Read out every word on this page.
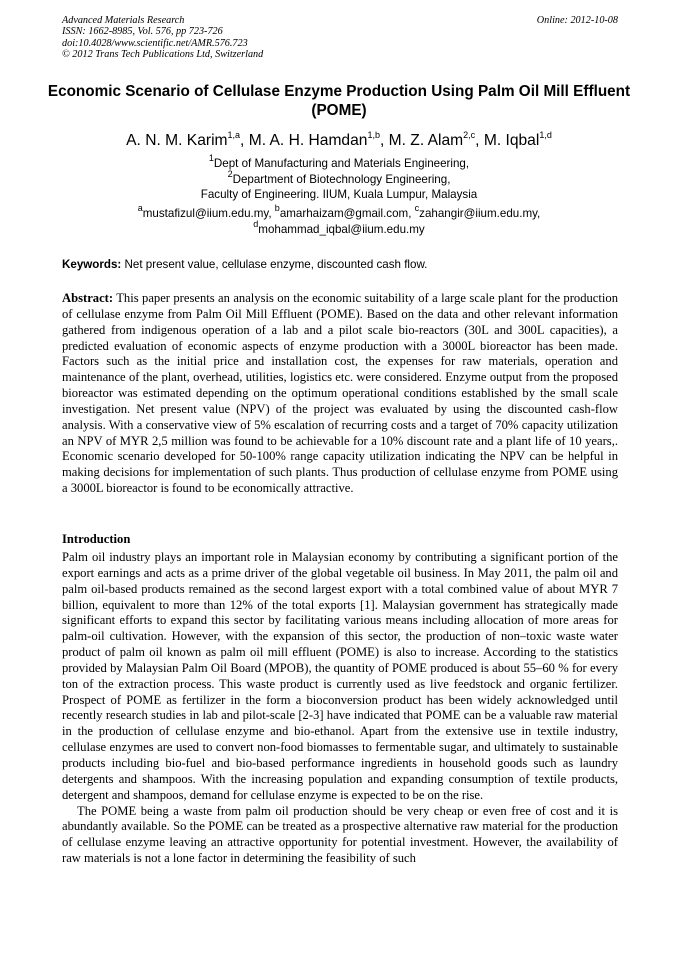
Advanced Materials Research
ISSN: 1662-8985, Vol. 576, pp 723-726
doi:10.4028/www.scientific.net/AMR.576.723
© 2012 Trans Tech Publications Ltd, Switzerland
Online: 2012-10-08
Economic Scenario of Cellulase Enzyme Production Using Palm Oil Mill Effluent (POME)
A. N. M. Karim$^{1,a}$, M. A. H. Hamdan$^{1,b}$, M. Z. Alam$^{2,c}$, M. Iqbal$^{1,d}$
$^1$Dept of Manufacturing and Materials Engineering,
$^2$Department of Biotechnology Engineering,
Faculty of Engineering. IIUM, Kuala Lumpur, Malaysia
$^a$mustafizul@iium.edu.my, $^b$amarhaizam@gmail.com, $^c$zahangir@iium.edu.my,
$^d$mohammad_iqbal@iium.edu.my
Keywords: Net present value, cellulase enzyme, discounted cash flow.
Abstract: This paper presents an analysis on the economic suitability of a large scale plant for the production of cellulase enzyme from Palm Oil Mill Effluent (POME). Based on the data and other relevant information gathered from indigenous operation of a lab and a pilot scale bio-reactors (30L and 300L capacities), a predicted evaluation of economic aspects of enzyme production with a 3000L bioreactor has been made. Factors such as the initial price and installation cost, the expenses for raw materials, operation and maintenance of the plant, overhead, utilities, logistics etc. were considered. Enzyme output from the proposed bioreactor was estimated depending on the optimum operational conditions established by the small scale investigation. Net present value (NPV) of the project was evaluated by using the discounted cash-flow analysis. With a conservative view of 5% escalation of recurring costs and a target of 70% capacity utilization an NPV of MYR 2,5 million was found to be achievable for a 10% discount rate and a plant life of 10 years,. Economic scenario developed for 50-100% range capacity utilization indicating the NPV can be helpful in making decisions for implementation of such plants. Thus production of cellulase enzyme from POME using a 3000L bioreactor is found to be economically attractive.
Introduction

Palm oil industry plays an important role in Malaysian economy by contributing a significant portion of the export earnings and acts as a prime driver of the global vegetable oil business. In May 2011, the palm oil and palm oil-based products remained as the second largest export with a total combined value of about MYR 7 billion, equivalent to more than 12% of the total exports [1]. Malaysian government has strategically made significant efforts to expand this sector by facilitating various means including allocation of more areas for palm-oil cultivation. However, with the expansion of this sector, the production of non–toxic waste water product of palm oil known as palm oil mill effluent (POME) is also to increase. According to the statistics provided by Malaysian Palm Oil Board (MPOB), the quantity of POME produced is about 55–60 % for every ton of the extraction process. This waste product is currently used as live feedstock and organic fertilizer. Prospect of POME as fertilizer in the form a bioconversion product has been widely acknowledged until recently research studies in lab and pilot-scale [2-3] have indicated that POME can be a valuable raw material in the production of cellulase enzyme and bio-ethanol. Apart from the extensive use in textile industry, cellulase enzymes are used to convert non-food biomasses to fermentable sugar, and ultimately to sustainable products including bio-fuel and bio-based performance ingredients in household goods such as laundry detergents and shampoos. With the increasing population and expanding consumption of textile products, detergent and shampoos, demand for cellulase enzyme is expected to be on the rise.

The POME being a waste from palm oil production should be very cheap or even free of cost and it is abundantly available. So the POME can be treated as a prospective alternative raw material for the production of cellulase enzyme leaving an attractive opportunity for potential investment. However, the availability of raw materials is not a lone factor in determining the feasibility of such
